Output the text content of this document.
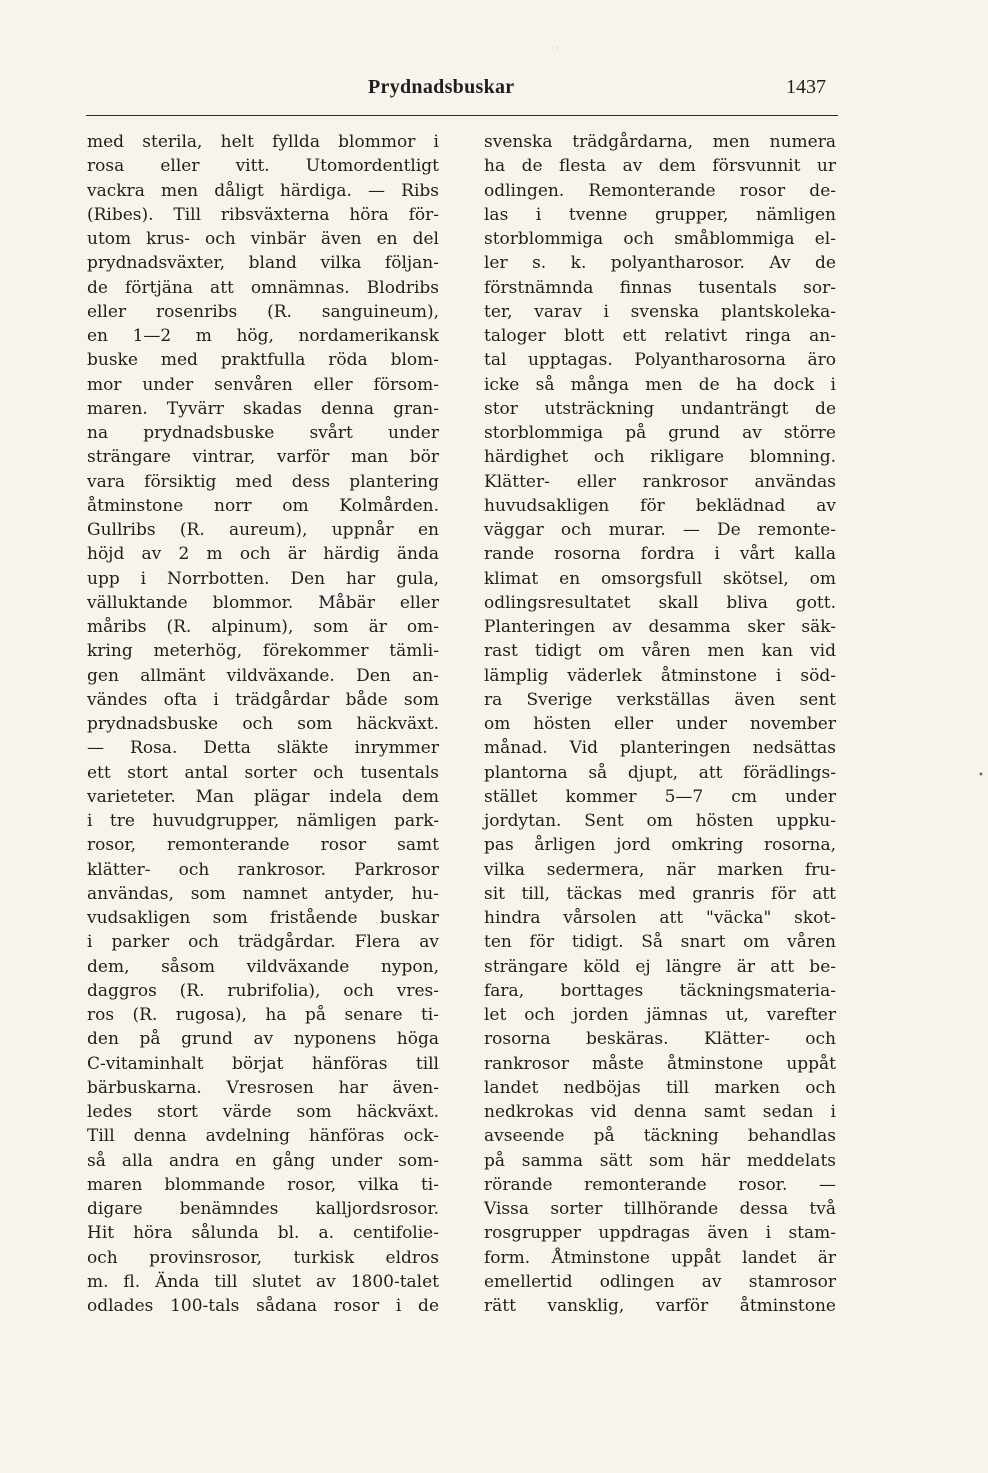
·
Prydnadsbuskar	1437
med sterila, helt fyllda blommor i
rosa eller vitt. Utomordentligt
vackra men dåligt härdiga. — Ribs
(Ribes). Till ribsväxterna höra för-
utom krus- och vinbär även en del
prydnadsväxter, bland vilka följan-
de förtjäna att omnämnas. Blodribs
eller rosenribs (R. sanguineum),
en 1—2 m hög, nordamerikansk
buske med praktfulla röda blom-
mor under senvåren eller försom-
maren. Tyvärr skadas denna gran-
na prydnadsbuske svårt under
strängare vintrar, varför man bör
vara försiktig med dess plantering
åtminstone norr om Kolmården.
Gullribs (R. aureum), uppnår en
höjd av 2 m och är härdig ända
upp i Norrbotten. Den har gula,
välluktande blommor. Måbär eller
måribs (R. alpinum), som är om-
kring meterhög, förekommer tämli-
gen allmänt vildväxande. Den an-
vändes ofta i trädgårdar både som
prydnadsbuske och som häckväxt.
— Rosa. Detta släkte inrymmer
ett stort antal sorter och tusentals
varieteter. Man plägar indela dem
i tre huvudgrupper, nämligen park-
rosor, remonterande rosor samt
klätter- och rankrosor. Parkrosor
användas, som namnet antyder, hu-
vudsakligen som fristående buskar
i parker och trädgårdar. Flera av
dem, såsom vildväxande nypon,
daggros (R. rubrifolia), och vres-
ros (R. rugosa), ha på senare ti-
den på grund av nyponens höga
C-vitaminhalt börjat hänföras till
bärbuskarna. Vresrosen har även-
ledes stort värde som häckväxt.
Till denna avdelning hänföras ock-
så alla andra en gång under som-
maren blommande rosor, vilka ti-
digare benämndes kalljordsrosor.
Hit höra sålunda bl. a. centifolie-
och provinsrosor, turkisk eldros
m. fl. Ända till slutet av 1800-talet
odlades 100-tals sådana rosor i de
svenska trädgårdarna, men numera
ha de flesta av dem försvunnit ur
odlingen. Remonterande rosor de-
las i tvenne grupper, nämligen
storblommiga och småblommiga el-
ler s. k. polyantharosor. Av de
förstnämnda finnas tusentals sor-
ter, varav i svenska plantskoleka-
taloger blott ett relativt ringa an-
tal upptagas. Polyantharosorna äro
icke så många men de ha dock i
stor utsträckning undanträngt de
storblommiga på grund av större
härdighet och rikligare blomning.
Klätter- eller rankrosor användas
huvudsakligen för beklädnad av
väggar och murar. — De remonte-
rande rosorna fordra i vårt kalla
klimat en omsorgsfull skötsel, om
odlingsresultatet skall bliva gott.
Planteringen av desamma sker säk-
rast tidigt om våren men kan vid
lämplig väderlek åtminstone i söd-
ra Sverige verkställas även sent
om hösten eller under november
månad. Vid planteringen nedsättas
plantorna så djupt, att förädlings-
stället kommer 5—7 cm under
jordytan. Sent om hösten uppku-
pas årligen jord omkring rosorna,
vilka sedermera, när marken fru-
sit till, täckas med granris för att
hindra vårsolen att "väcka" skot-
ten för tidigt. Så snart om våren
strängare köld ej längre är att be-
fara, borttages täckningsmateria-
let och jorden jämnas ut, varefter
rosorna beskäras. Klätter- och
rankrosor måste åtminstone uppåt
landet nedböjas till marken och
nedkrokas vid denna samt sedan i
avseende på täckning behandlas
på samma sätt som här meddelats
rörande remonterande rosor. —
Vissa sorter tillhörande dessa två
rosgrupper uppdragas även i stam-
form. Åtminstone uppåt landet är
emellertid odlingen av stamrosor
rätt vansklig, varför åtminstone
•
